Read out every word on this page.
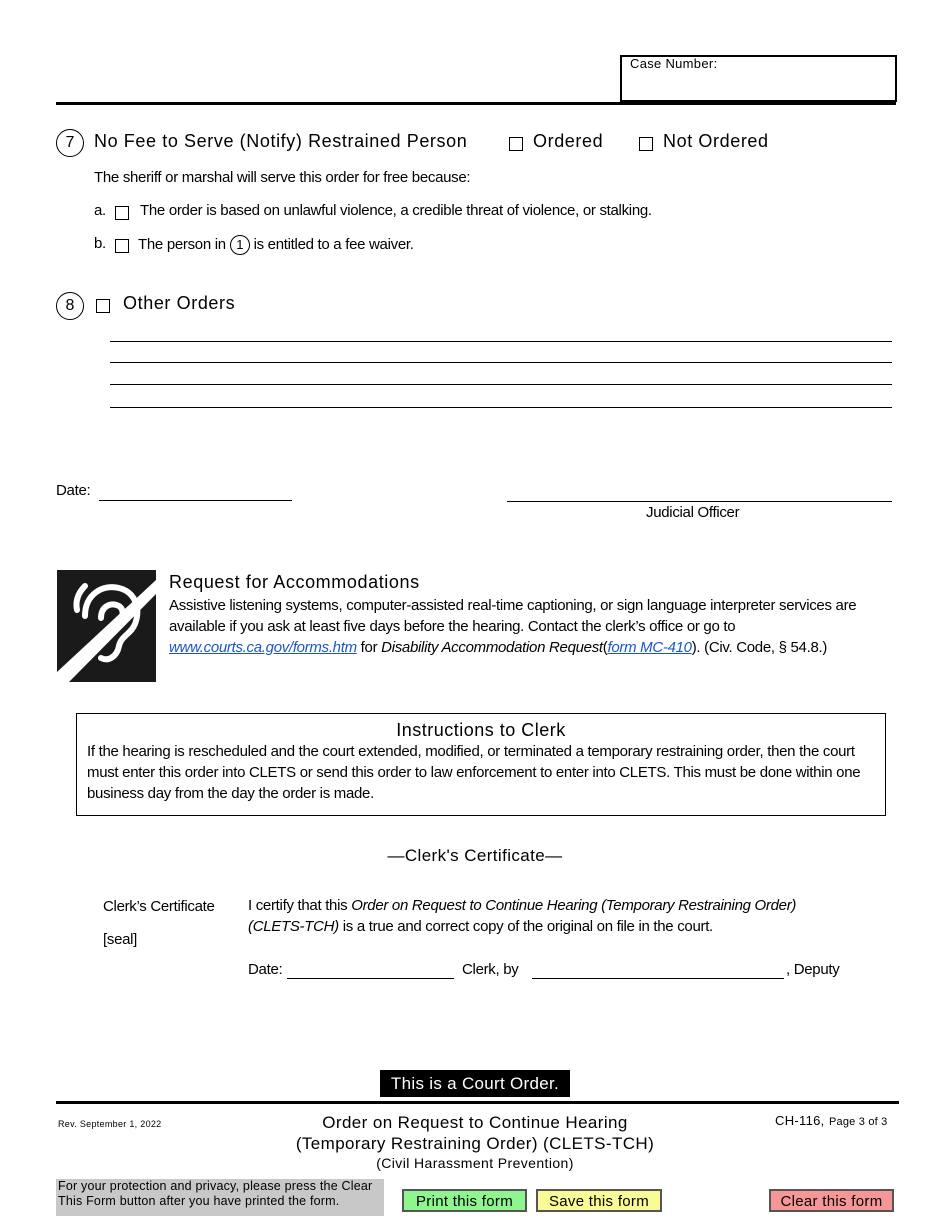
Case Number:
7	No Fee to Serve (Notify) Restrained Person	Ordered	Not Ordered
The sheriff or marshal will serve this order for free because:
a. The order is based on unlawful violence, a credible threat of violence, or stalking.
b. The person in 1 is entitled to a fee waiver.
8	Other Orders
Date:
Judicial Officer
Request for Accommodations
Assistive listening systems, computer-assisted real-time captioning, or sign language interpreter services are available if you ask at least five days before the hearing. Contact the clerk’s office or go to www.courts.ca.gov/forms.htm for Disability Accommodation Request(form MC-410). (Civ. Code, § 54.8.)
Instructions to Clerk
If the hearing is rescheduled and the court extended, modified, or terminated a temporary restraining order, then the court must enter this order into CLETS or send this order to law enforcement to enter into CLETS. This must be done within one business day from the day the order is made.
—Clerk's Certificate—
Clerk’s Certificate
[seal]
I certify that this Order on Request to Continue Hearing (Temporary Restraining Order) (CLETS-TCH) is a true and correct copy of the original on file in the court.
Date:	Clerk, by	, Deputy
This is a Court Order.
Rev. September 1, 2022	Order on Request to Continue Hearing
(Temporary Restraining Order) (CLETS-TCH)
(Civil Harassment Prevention)
CH-116, Page 3 of 3
For your protection and privacy, please press the Clear This Form button after you have printed the form.	Print this form	Save this form	Clear this form
